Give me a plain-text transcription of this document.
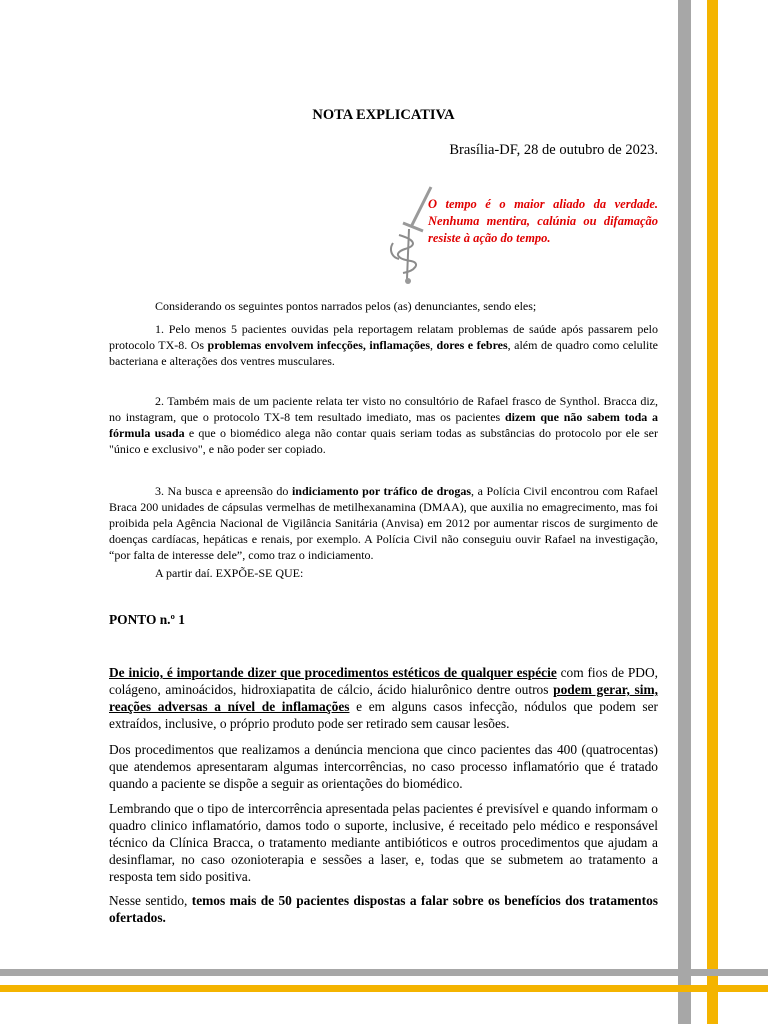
NOTA EXPLICATIVA

Brasília-DF, 28 de outubro de 2023.

O tempo é o maior aliado da verdade. Nenhuma mentira, calúnia ou difamação resiste à ação do tempo.

Considerando os seguintes pontos narrados pelos (as) denunciantes, sendo eles;

1. Pelo menos 5 pacientes ouvidas pela reportagem relatam problemas de saúde após passarem pelo protocolo TX-8. Os problemas envolvem infecções, inflamações, dores e febres, além de quadro como celulite bacteriana e alterações dos ventres musculares.

2. Também mais de um paciente relata ter visto no consultório de Rafael frasco de Synthol. Bracca diz, no instagram, que o protocolo TX-8 tem resultado imediato, mas os pacientes dizem que não sabem toda a fórmula usada e que o biomédico alega não contar quais seriam todas as substâncias do protocolo por ele ser "único e exclusivo", e não poder ser copiado.

3. Na busca e apreensão do indiciamento por tráfico de drogas, a Polícia Civil encontrou com Rafael Braca 200 unidades de cápsulas vermelhas de metilhexanamina (DMAA), que auxilia no emagrecimento, mas foi proibida pela Agência Nacional de Vigilância Sanitária (Anvisa) em 2012 por aumentar riscos de surgimento de doenças cardíacas, hepáticas e renais, por exemplo. A Polícia Civil não conseguiu ouvir Rafael na investigação, “por falta de interesse dele”, como traz o indiciamento.

A partir daí. EXPÕE-SE QUE:

PONTO n.º 1

De inicio, é importande dizer que procedimentos estéticos de qualquer espécie com fios de PDO, colágeno, aminoácidos, hidroxiapatita de cálcio, ácido hialurônico dentre outros podem gerar, sim, reações adversas a nível de inflamações e em alguns casos infecção, nódulos que podem ser extraídos, inclusive, o próprio produto pode ser retirado sem causar lesões.

Dos procedimentos que realizamos a denúncia menciona que cinco pacientes das 400 (quatrocentas) que atendemos apresentaram algumas intercorrências, no caso processo inflamatório que é tratado quando a paciente se dispõe a seguir as orientações do biomédico.

Lembrando que o tipo de intercorrência apresentada pelas pacientes é previsível e quando informam o quadro clinico inflamatório, damos todo o suporte, inclusive, é receitado pelo médico e responsável técnico da Clínica Bracca, o tratamento mediante antibióticos e outros procedimentos que ajudam a desinflamar, no caso ozonioterapia e sessões a laser, e, todas que se submetem ao tratamento a resposta tem sido positiva.

Nesse sentido, temos mais de 50 pacientes dispostas a falar sobre os benefícios dos tratamentos ofertados.
